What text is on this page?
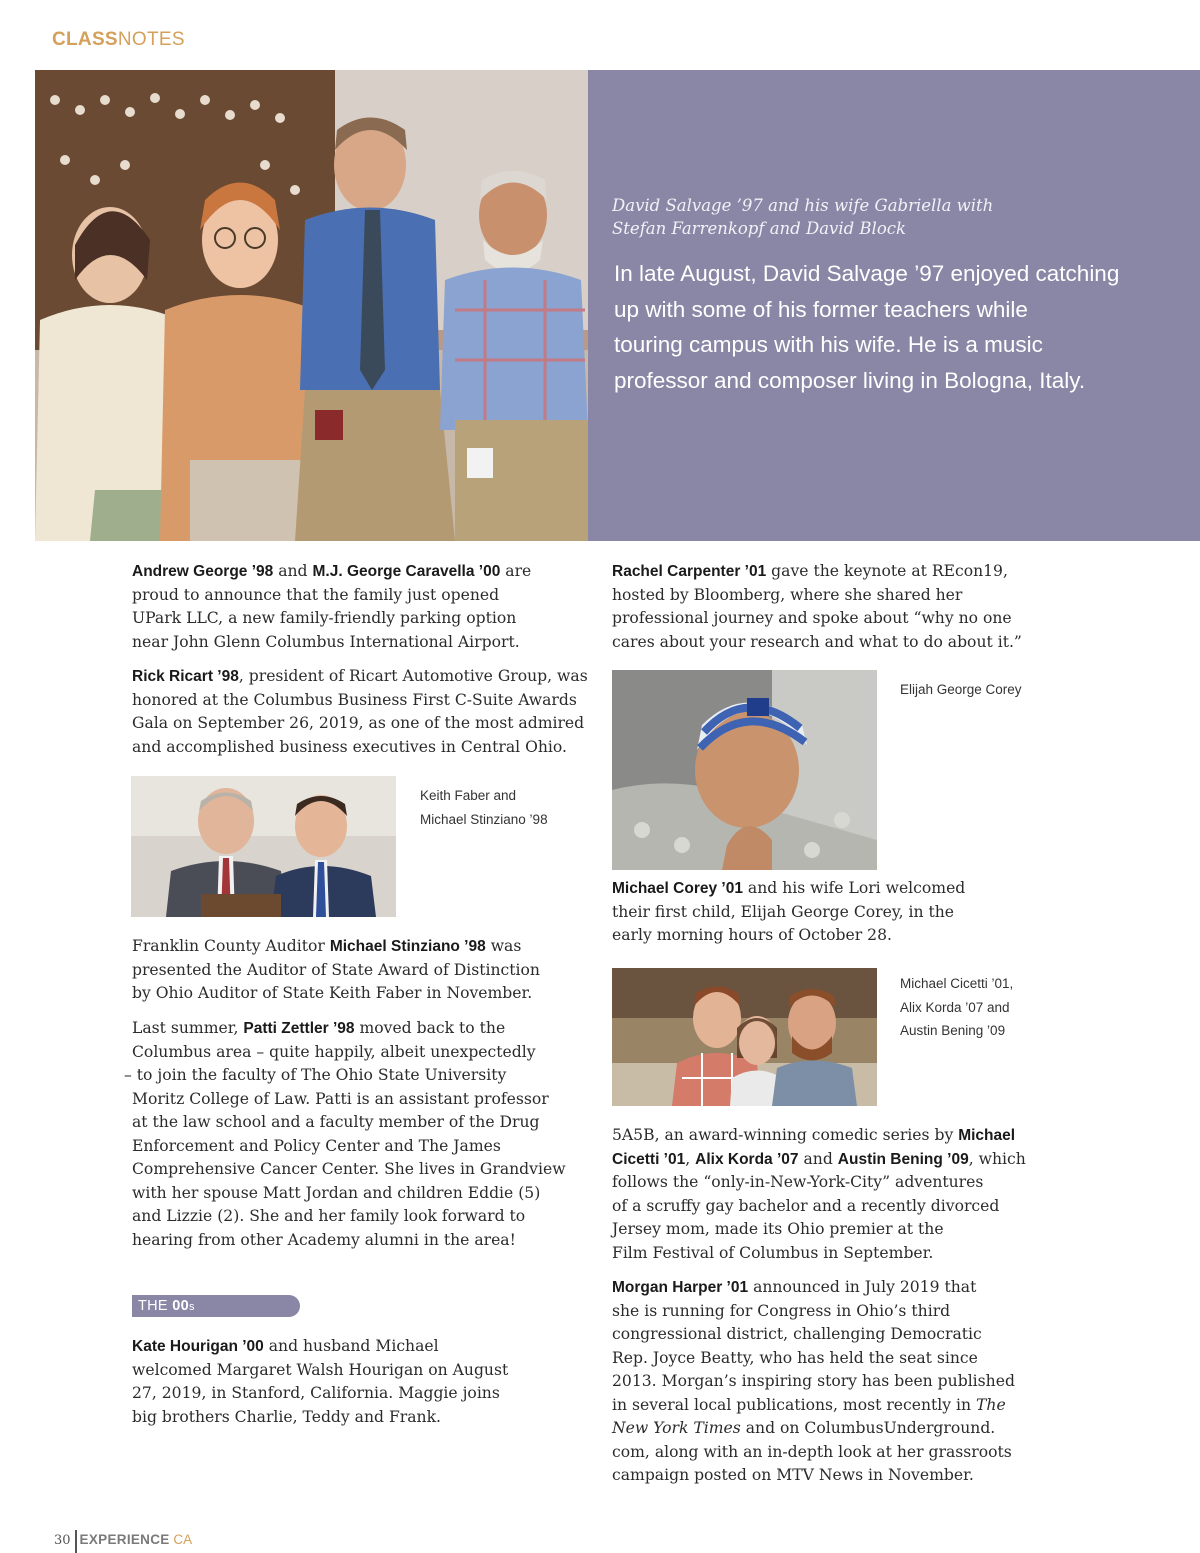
CLASSNOTES
David Salvage ’97 and his wife Gabriella with
Stefan Farrenkopf and David Block
In late August, David Salvage ’97 enjoyed catching
up with some of his former teachers while
touring campus with his wife. He is a music
professor and composer living in Bologna, Italy.
Andrew George ’98 and M.J. George Caravella ’00 are
proud to announce that the family just opened
UPark LLC, a new family-friendly parking option
near John Glenn Columbus International Airport.
Rick Ricart ’98, president of Ricart Automotive Group, was
honored at the Columbus Business First C-Suite Awards
Gala on September 26, 2019, as one of the most admired
and accomplished business executives in Central Ohio.
Keith Faber and
Michael Stinziano ’98
Franklin County Auditor Michael Stinziano ’98 was
presented the Auditor of State Award of Distinction
by Ohio Auditor of State Keith Faber in November.
Last summer, Patti Zettler ’98 moved back to the
Columbus area – quite happily, albeit unexpectedly
– to join the faculty of The Ohio State University
Moritz College of Law. Patti is an assistant professor
at the law school and a faculty member of the Drug
Enforcement and Policy Center and The James
Comprehensive Cancer Center. She lives in Grandview
with her spouse Matt Jordan and children Eddie (5)
and Lizzie (2). She and her family look forward to
hearing from other Academy alumni in the area!
THE 00s
Kate Hourigan ’00 and husband Michael
welcomed Margaret Walsh Hourigan on August
27, 2019, in Stanford, California. Maggie joins
big brothers Charlie, Teddy and Frank.
Rachel Carpenter ’01 gave the keynote at REcon19,
hosted by Bloomberg, where she shared her
professional journey and spoke about “why no one
cares about your research and what to do about it.”
Elijah George Corey
Michael Corey ’01 and his wife Lori welcomed
their first child, Elijah George Corey, in the
early morning hours of October 28.
Michael Cicetti ’01,
Alix Korda ’07 and
Austin Bening ’09
5A5B, an award-winning comedic series by Michael
Cicetti ’01, Alix Korda ’07 and Austin Bening ’09, which
follows the “only-in-New-York-City” adventures
of a scruffy gay bachelor and a recently divorced
Jersey mom, made its Ohio premier at the
Film Festival of Columbus in September.
Morgan Harper ’01 announced in July 2019 that
she is running for Congress in Ohio’s third
congressional district, challenging Democratic
Rep. Joyce Beatty, who has held the seat since
2013. Morgan’s inspiring story has been published
in several local publications, most recently in The
New York Times and on ColumbusUnderground.
com, along with an in-depth look at her grassroots
campaign posted on MTV News in November.
30 EXPERIENCE CA
